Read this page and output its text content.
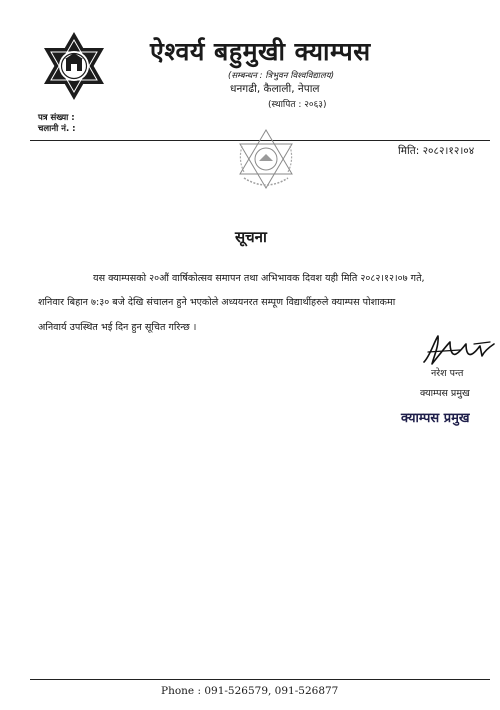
ऐश्वर्य बहुमुखी क्याम्पस
(सम्बन्धन : त्रिभुवन विश्वविद्यालय)
धनगढी, कैलाली, नेपाल
(स्थापित : २०६३)
पत्र संख्या :
चलानी नं. :
मिति: २०८२।१२।०४
सूचना
यस क्याम्पसको २०औं वार्षिकोत्सव समापन तथा अभिभावक दिवश यही मिति २०८२।१२।०७ गते,
शनिवार बिहान ७:३० बजे देखि संचालन हुने भएकोले अध्ययनरत सम्पूण विद्यार्थीहरुले क्याम्पस पोशाकमा
अनिवार्य उपस्थित भई दिन हुन सूचित गरिन्छ ।
नरेश पन्त
क्याम्पस प्रमुख
क्याम्पस प्रमुख
Phone : 091-526579, 091-526877
